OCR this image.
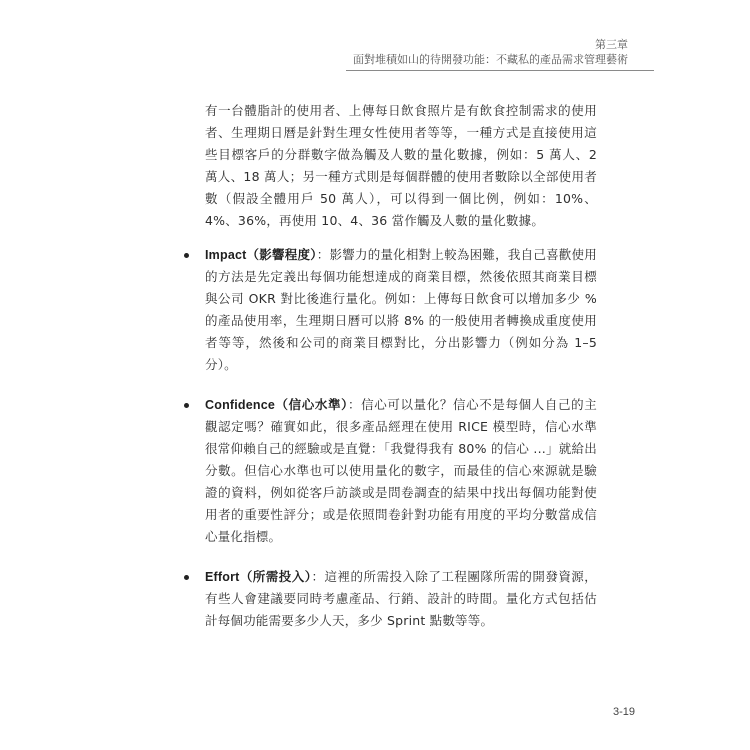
第三章
面對堆積如山的待開發功能：不藏私的產品需求管理藝術

有一台體脂計的使用者、上傳每日飲食照片是有飲食控制需求的使用者、生理期日曆是針對生理女性使用者等等，一種方式是直接使用這些目標客戶的分群數字做為觸及人數的量化數據，例如：5 萬人、2 萬人、18 萬人；另一種方式則是每個群體的使用者數除以全部使用者數（假設全體用戶 50 萬人），可以得到一個比例，例如：10%、4%、36%，再使用 10、4、36 當作觸及人數的量化數據。

Impact（影響程度）：影響力的量化相對上較為困難，我自己喜歡使用的方法是先定義出每個功能想達成的商業目標，然後依照其商業目標與公司 OKR 對比後進行量化。例如：上傳每日飲食可以增加多少 % 的產品使用率，生理期日曆可以將 8% 的一般使用者轉換成重度使用者等等，然後和公司的商業目標對比，分出影響力（例如分為 1–5 分）。
Confidence（信心水準）：信心可以量化？信心不是每個人自己的主觀認定嗎？確實如此，很多產品經理在使用 RICE 模型時，信心水準很常仰賴自己的經驗或是直覺：「我覺得我有 80% 的信心 ...」就給出分數。但信心水準也可以使用量化的數字，而最佳的信心來源就是驗證的資料，例如從客戶訪談或是問卷調查的結果中找出每個功能對使用者的重要性評分；或是依照問卷針對功能有用度的平均分數當成信心量化指標。
Effort（所需投入）：這裡的所需投入除了工程團隊所需的開發資源，有些人會建議要同時考慮產品、行銷、設計的時間。量化方式包括估計每個功能需要多少人天，多少 Sprint 點數等等。
3-19
